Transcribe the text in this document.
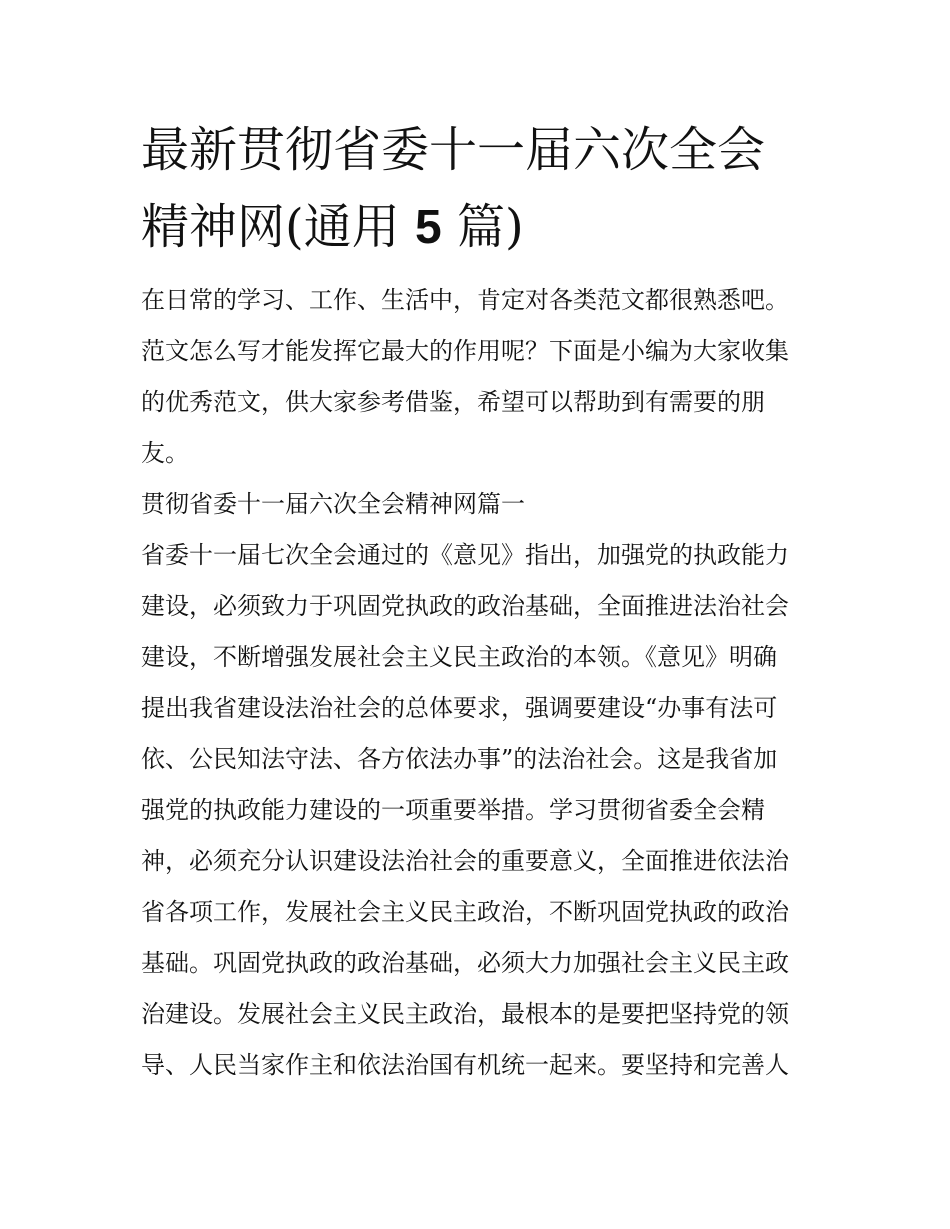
最新贯彻省委十一届六次全会
精神网(通用 5 篇)
在日常的学习、工作、生活中，肯定对各类范文都很熟悉吧。
范文怎么写才能发挥它最大的作用呢？下面是小编为大家收集
的优秀范文，供大家参考借鉴，希望可以帮助到有需要的朋
友。
贯彻省委十一届六次全会精神网篇一
省委十一届七次全会通过的《意见》指出，加强党的执政能力
建设，必须致力于巩固党执政的政治基础，全面推进法治社会
建设，不断增强发展社会主义民主政治的本领。《意见》明确
提出我省建设法治社会的总体要求，强调要建设“办事有法可
依、公民知法守法、各方依法办事”的法治社会。这是我省加
强党的执政能力建设的一项重要举措。学习贯彻省委全会精
神，必须充分认识建设法治社会的重要意义，全面推进依法治
省各项工作，发展社会主义民主政治，不断巩固党执政的政治
基础。巩固党执政的政治基础，必须大力加强社会主义民主政
治建设。发展社会主义民主政治，最根本的是要把坚持党的领
导、人民当家作主和依法治国有机统一起来。要坚持和完善人
